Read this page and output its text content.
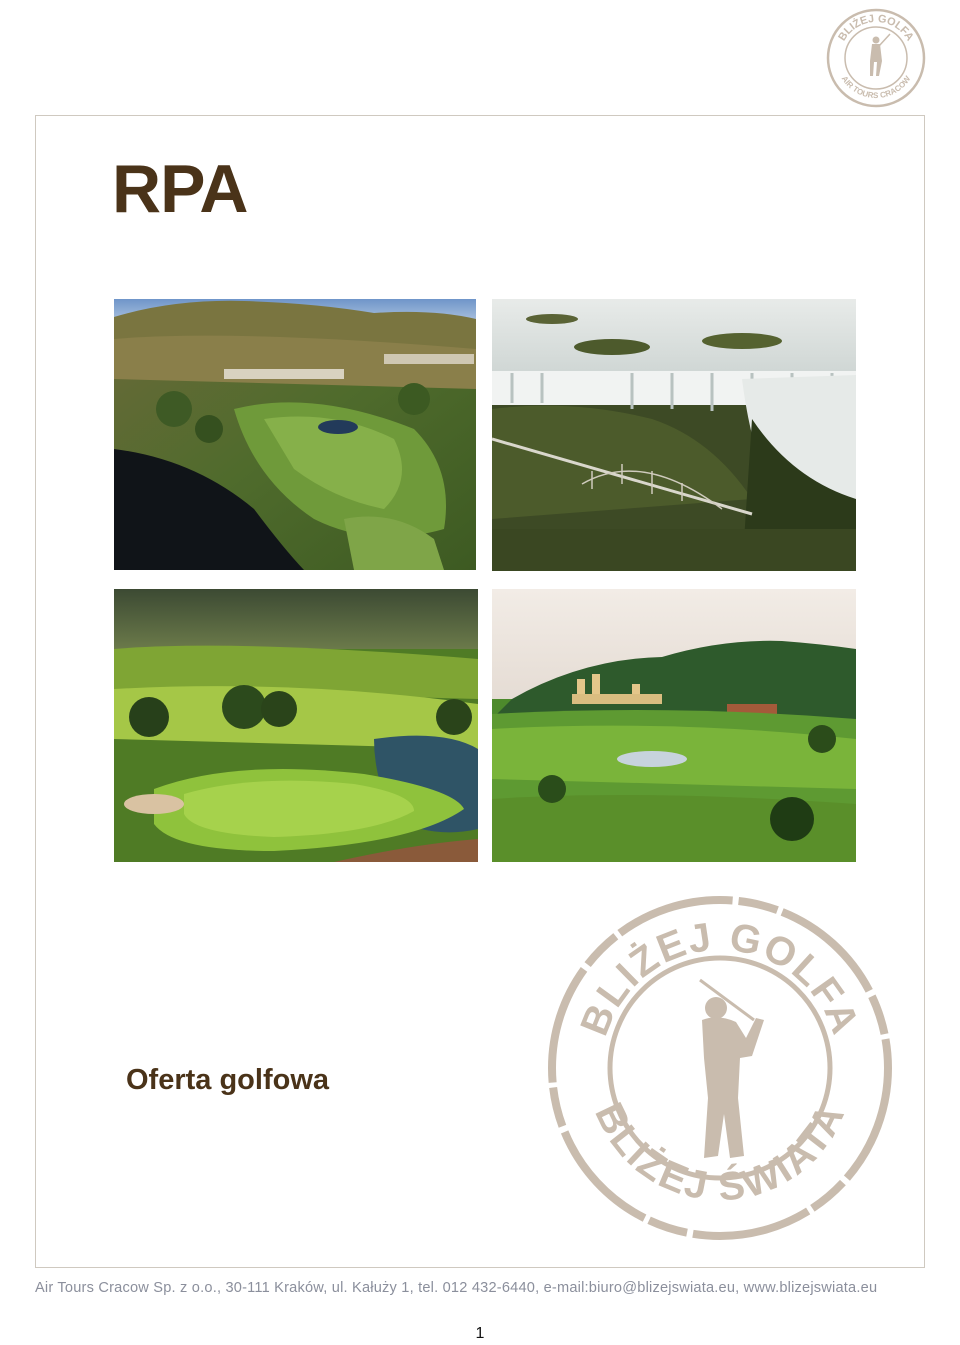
BLIŻEJ GOLFA
AIR TOURS CRACOW
RPA
Oferta golfowa
BLIŻEJ GOLFA
BLIŻEJ ŚWIATA
Air Tours Cracow Sp. z o.o., 30-111 Kraków, ul. Kałuży 1, tel. 012 432-6440, e-mail:biuro@blizejswiata.eu, www.blizejswiata.eu
1
